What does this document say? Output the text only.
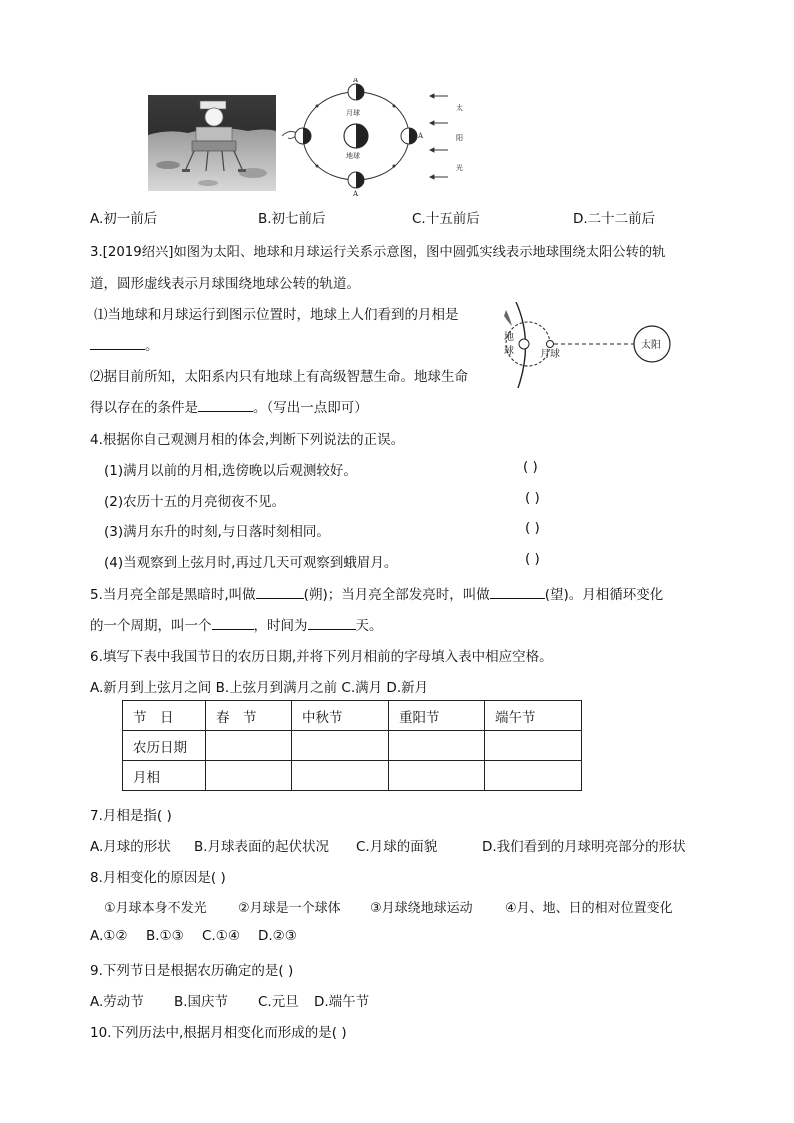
A
A
A
月球
地球
太
阳
光
A.初一前后	B.初七前后	C.十五前后	D.二十二前后
3.[2019绍兴]如图为太阳、地球和月球运行关系示意图，图中圆弧实线表示地球围绕太阳公转的轨
道，圆形虚线表示月球围绕地球公转的轨道。
⑴当地球和月球运行到图示位置时，地球上人们看到的月相是
。
⑵据目前所知，太阳系内只有地球上有高级智慧生命。地球生命
得以存在的条件是	。（写出一点即可）
地
球	月球
太阳
4.根据你自己观测月相的体会,判断下列说法的正误。
(1)满月以前的月相,选傍晚以后观测较好。	( )
(2)农历十五的月亮彻夜不见。	( )
(3)满月东升的时刻,与日落时刻相同。	( )
(4)当观察到上弦月时,再过几天可观察到蛾眉月。	( )
5.当月亮全部是黑暗时,叫做	(朔)；当月亮全部发亮时，叫做	(望)。月相循环变化
的一个周期，叫一个	，时间为	天。
6.填写下表中我国节日的农历日期,并将下列月相前的字母填入表中相应空格。
A.新月到上弦月之间 B.上弦月到满月之前 C.满月 D.新月
节　日	春　节	中秋节	重阳节	端午节
农历日期				
月相				
7.月相是指( )
A.月球的形状 B.月球表面的起伏状况 C.月球的面貌	D.我们看到的月球明亮部分的形状
8.月相变化的原因是( )
①月球本身不发光 ②月球是一个球体 ③月球绕地球运动 ④月、地、日的相对位置变化
A.①② B.①③ C.①④ D.②③
9.下列节日是根据农历确定的是( )
A.劳动节 B.国庆节 C.元旦 D.端午节
10.下列历法中,根据月相变化而形成的是( )
